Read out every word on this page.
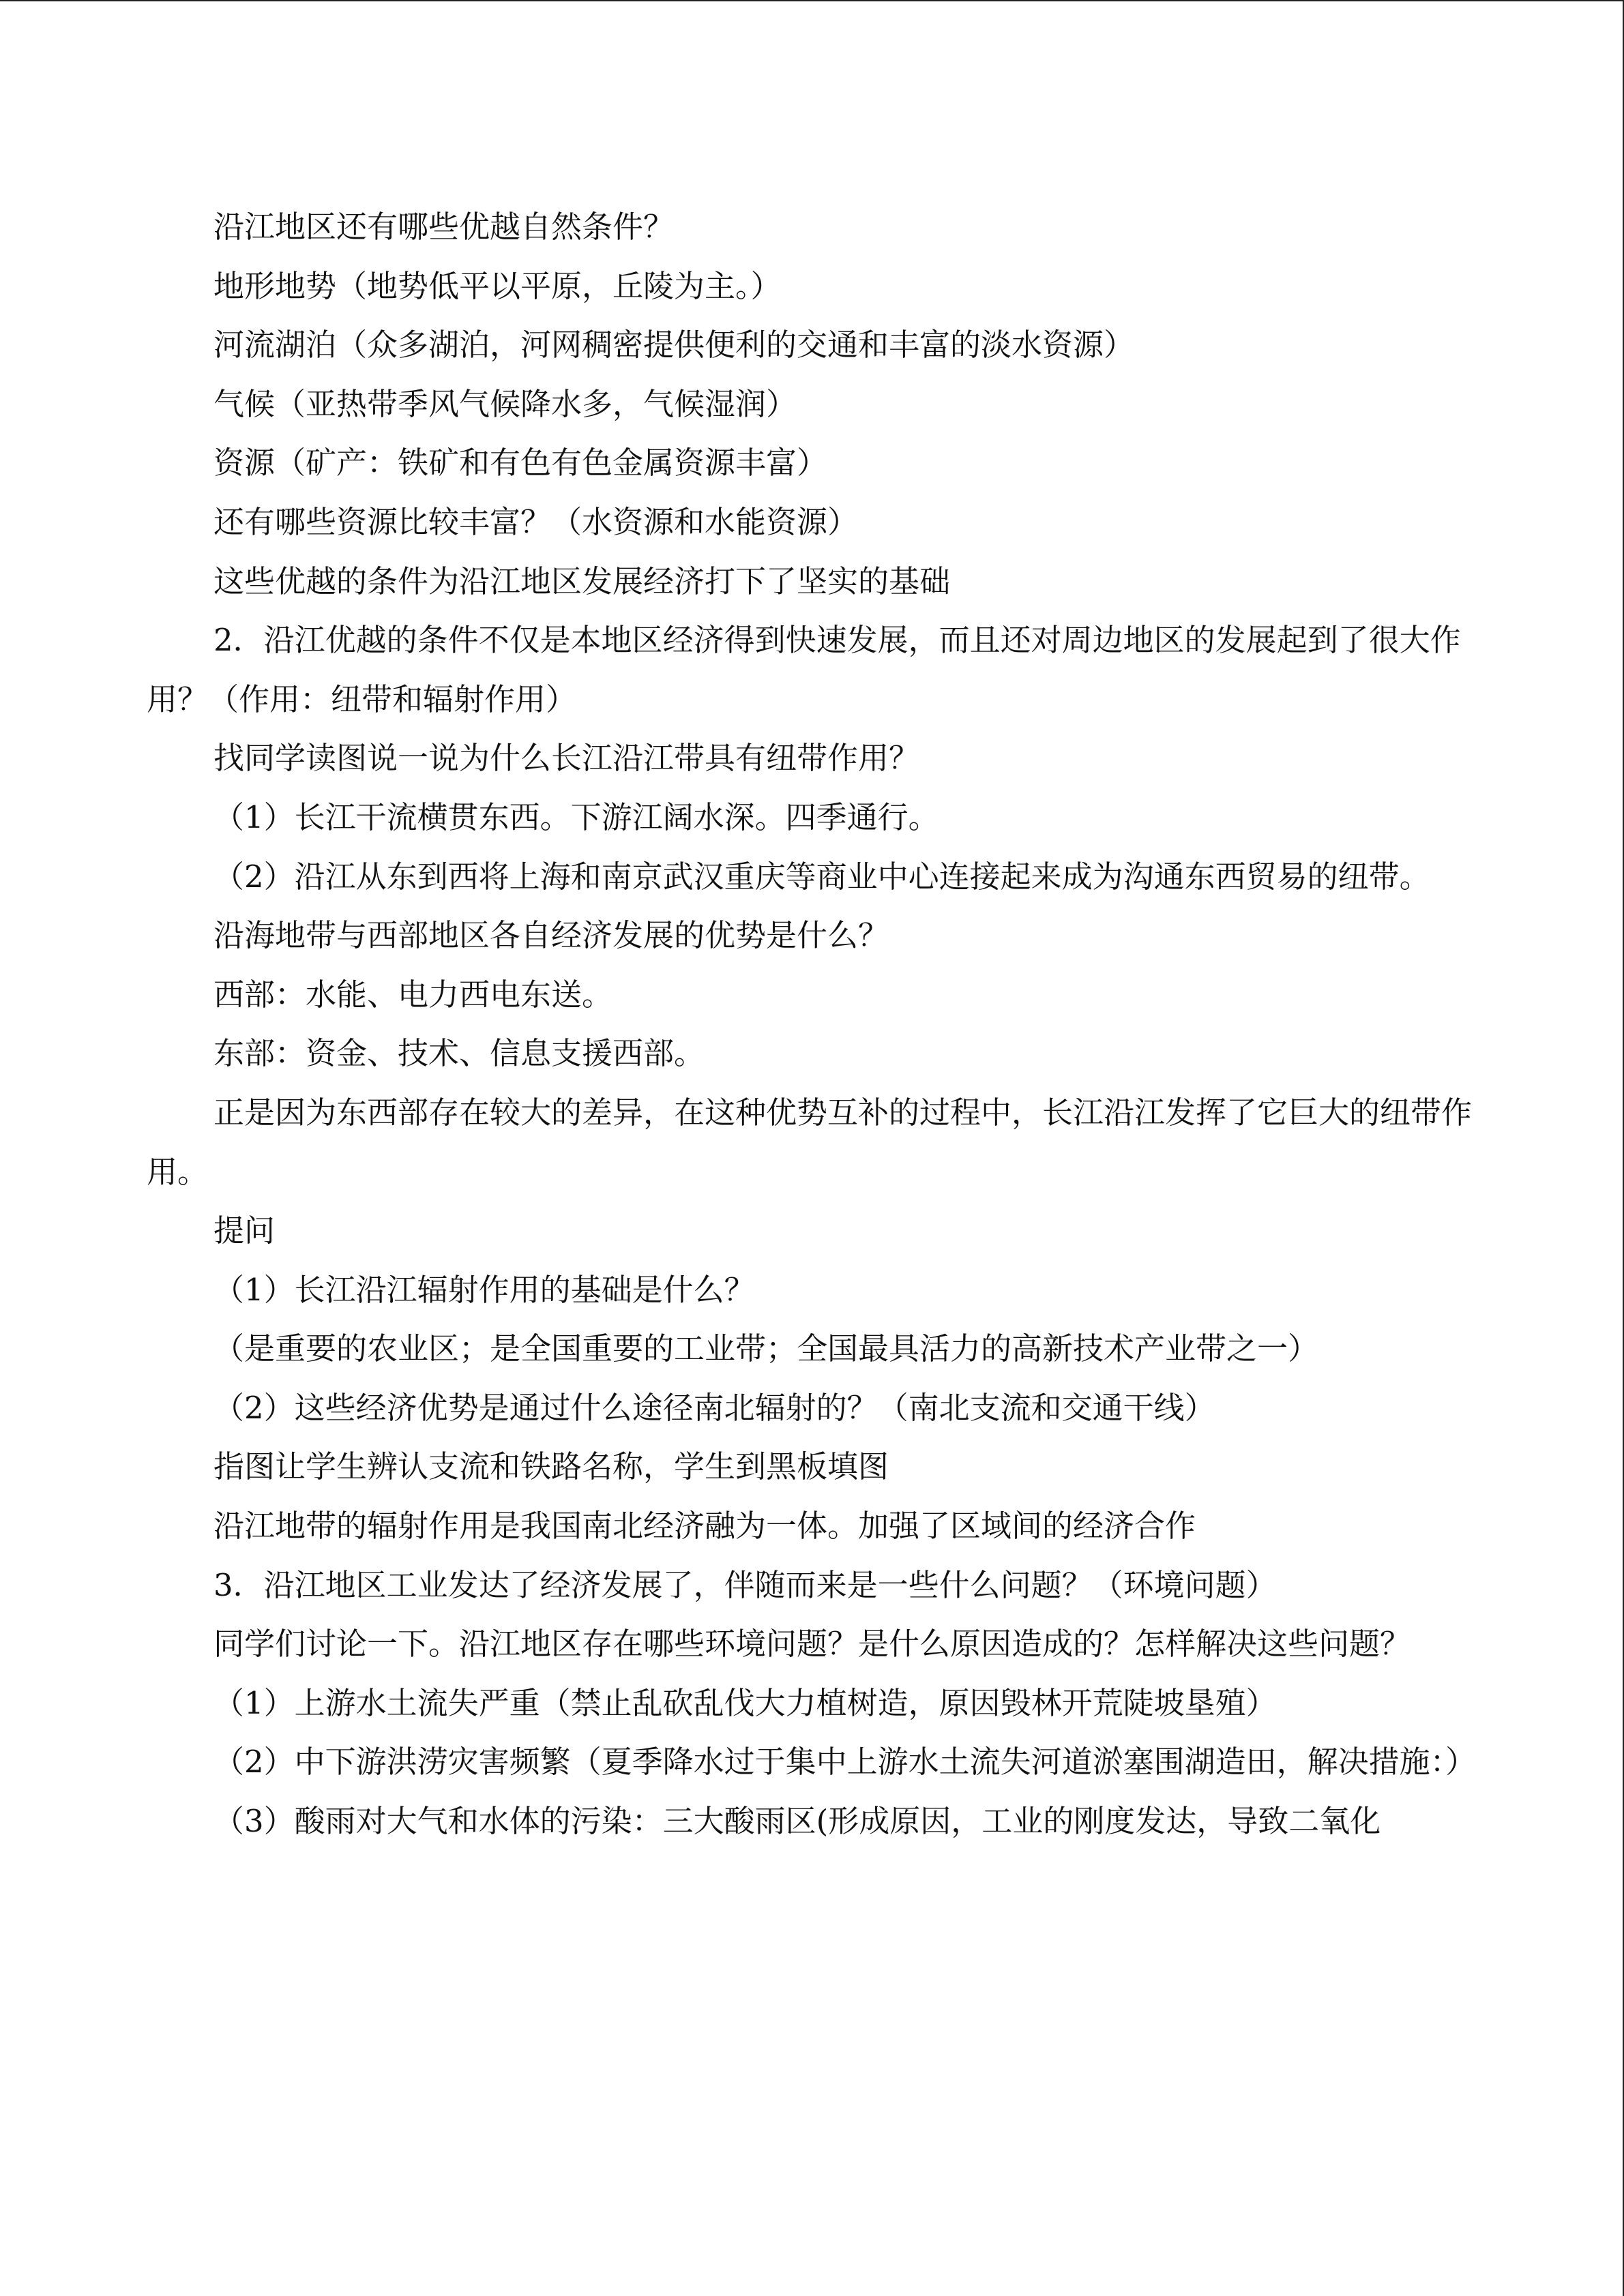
沿江地区还有哪些优越自然条件？

地形地势（地势低平以平原，丘陵为主。）

河流湖泊（众多湖泊，河网稠密提供便利的交通和丰富的淡水资源）

气候（亚热带季风气候降水多，气候湿润）

资源（矿产：铁矿和有色有色金属资源丰富）

还有哪些资源比较丰富？（水资源和水能资源）

这些优越的条件为沿江地区发展经济打下了坚实的基础

2．沿江优越的条件不仅是本地区经济得到快速发展，而且还对周边地区的发展起到了很大作用？（作用：纽带和辐射作用）

找同学读图说一说为什么长江沿江带具有纽带作用？

（1）长江干流横贯东西。下游江阔水深。四季通行。

（2）沿江从东到西将上海和南京武汉重庆等商业中心连接起来成为沟通东西贸易的纽带。

沿海地带与西部地区各自经济发展的优势是什么？

西部：水能、电力西电东送。

东部：资金、技术、信息支援西部。

正是因为东西部存在较大的差异，在这种优势互补的过程中，长江沿江发挥了它巨大的纽带作用。

提问

（1）长江沿江辐射作用的基础是什么？

（是重要的农业区；是全国重要的工业带；全国最具活力的高新技术产业带之一）

（2）这些经济优势是通过什么途径南北辐射的？（南北支流和交通干线）

指图让学生辨认支流和铁路名称，学生到黑板填图

沿江地带的辐射作用是我国南北经济融为一体。加强了区域间的经济合作

3．沿江地区工业发达了经济发展了，伴随而来是一些什么问题？（环境问题）

同学们讨论一下。沿江地区存在哪些环境问题？是什么原因造成的？怎样解决这些问题？

（1）上游水土流失严重（禁止乱砍乱伐大力植树造，原因毁林开荒陡坡垦殖）

（2）中下游洪涝灾害频繁（夏季降水过于集中上游水土流失河道淤塞围湖造田，解决措施：）

（3）酸雨对大气和水体的污染：三大酸雨区(形成原因，工业的刚度发达，导致二氧化
